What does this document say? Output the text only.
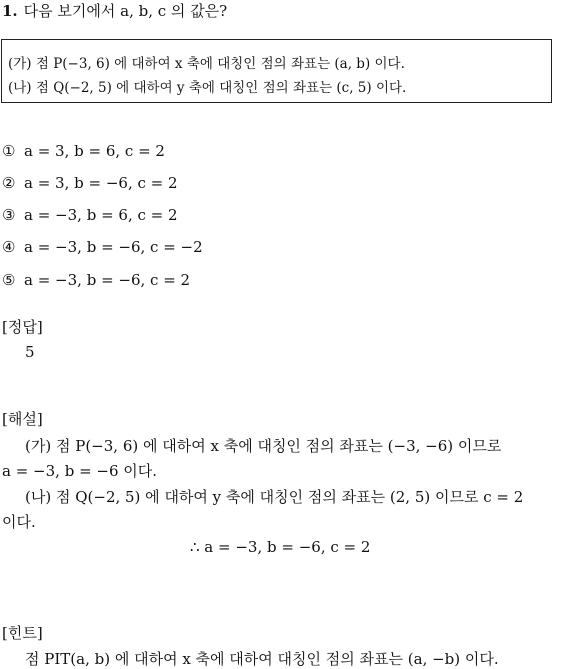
1. 다음 보기에서 a, b, c 의 값은?
(가) 점 P(−3, 6) 에 대하여 x 축에 대칭인 점의 좌표는 (a, b) 이다.
(나) 점 Q(−2, 5) 에 대하여 y 축에 대칭인 점의 좌표는 (c, 5) 이다.
① a = 3, b = 6, c = 2
② a = 3, b = −6, c = 2
③ a = −3, b = 6, c = 2
④ a = −3, b = −6, c = −2
⑤ a = −3, b = −6, c = 2
[정답]
5
[해설]
(가) 점 P(−3, 6) 에 대하여 x 축에 대칭인 점의 좌표는 (−3, −6) 이므로
a = −3, b = −6 이다.
(나) 점 Q(−2, 5) 에 대하여 y 축에 대칭인 점의 좌표는 (2, 5) 이므로 c = 2
이다.
∴ a = −3, b = −6, c = 2
[힌트]
점 PIT(a, b) 에 대하여 x 축에 대하여 대칭인 점의 좌표는 (a, −b) 이다.
